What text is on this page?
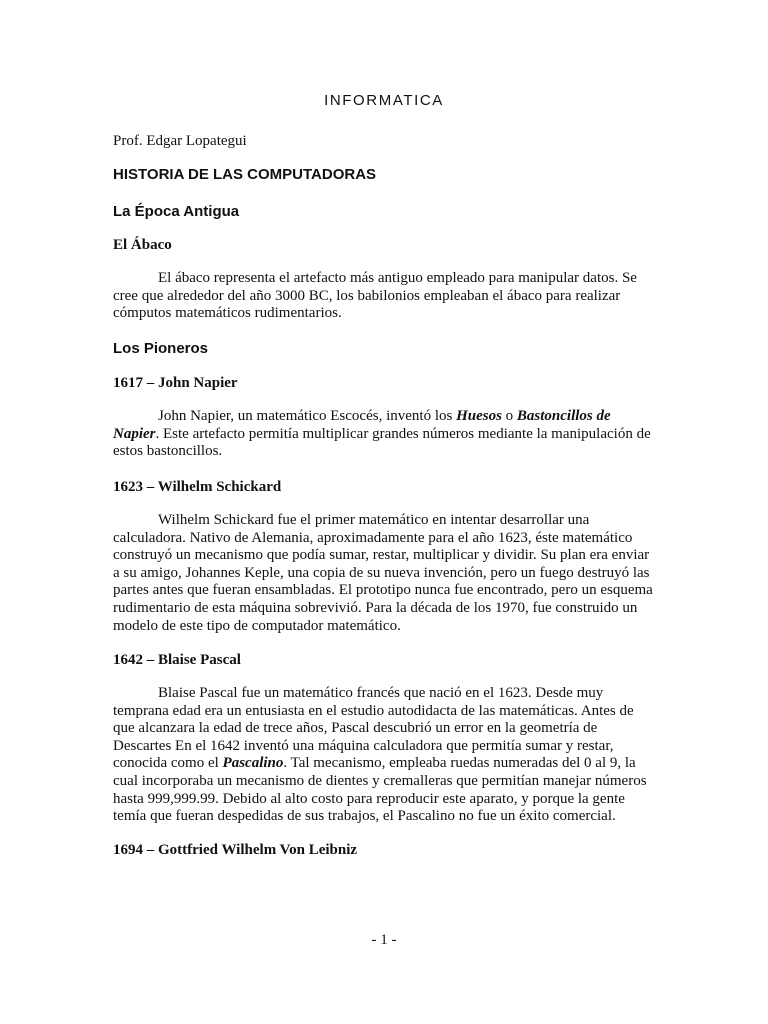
INFORMATICA
Prof. Edgar Lopategui
HISTORIA DE LAS COMPUTADORAS
La Época Antigua
El Ábaco

El ábaco representa el artefacto más antiguo empleado para manipular datos. Se cree que alrededor del año 3000 BC, los babilonios empleaban el ábaco para realizar cómputos matemáticos rudimentarios.

Los Pioneros
1617 – John Napier

John Napier, un matemático Escocés, inventó los Huesos o Bastoncillos de Napier. Este artefacto permitía multiplicar grandes números mediante la manipulación de estos bastoncillos.

1623 – Wilhelm Schickard

Wilhelm Schickard fue el primer matemático en intentar desarrollar una calculadora. Nativo de Alemania, aproximadamente para el año 1623, éste matemático construyó un mecanismo que podía sumar, restar, multiplicar y dividir. Su plan era enviar a su amigo, Johannes Keple, una copia de su nueva invención, pero un fuego destruyó las partes antes que fueran ensambladas. El prototipo nunca fue encontrado, pero un esquema rudimentario de esta máquina sobrevivió. Para la década de los 1970, fue construido un modelo de este tipo de computador matemático.

1642 – Blaise Pascal

Blaise Pascal fue un matemático francés que nació en el 1623. Desde muy temprana edad era un entusiasta en el estudio autodidacta de las matemáticas. Antes de que alcanzara la edad de trece años, Pascal descubrió un error en la geometría de Descartes En el 1642 inventó una máquina calculadora que permitía sumar y restar, conocida como el Pascalino. Tal mecanismo, empleaba ruedas numeradas del 0 al 9, la cual incorporaba un mecanismo de dientes y cremalleras que permitían manejar números hasta 999,999.99. Debido al alto costo para reproducir este aparato, y porque la gente temía que fueran despedidas de sus trabajos, el Pascalino no fue un éxito comercial.

1694 – Gottfried Wilhelm Von Leibniz
- 1 -
